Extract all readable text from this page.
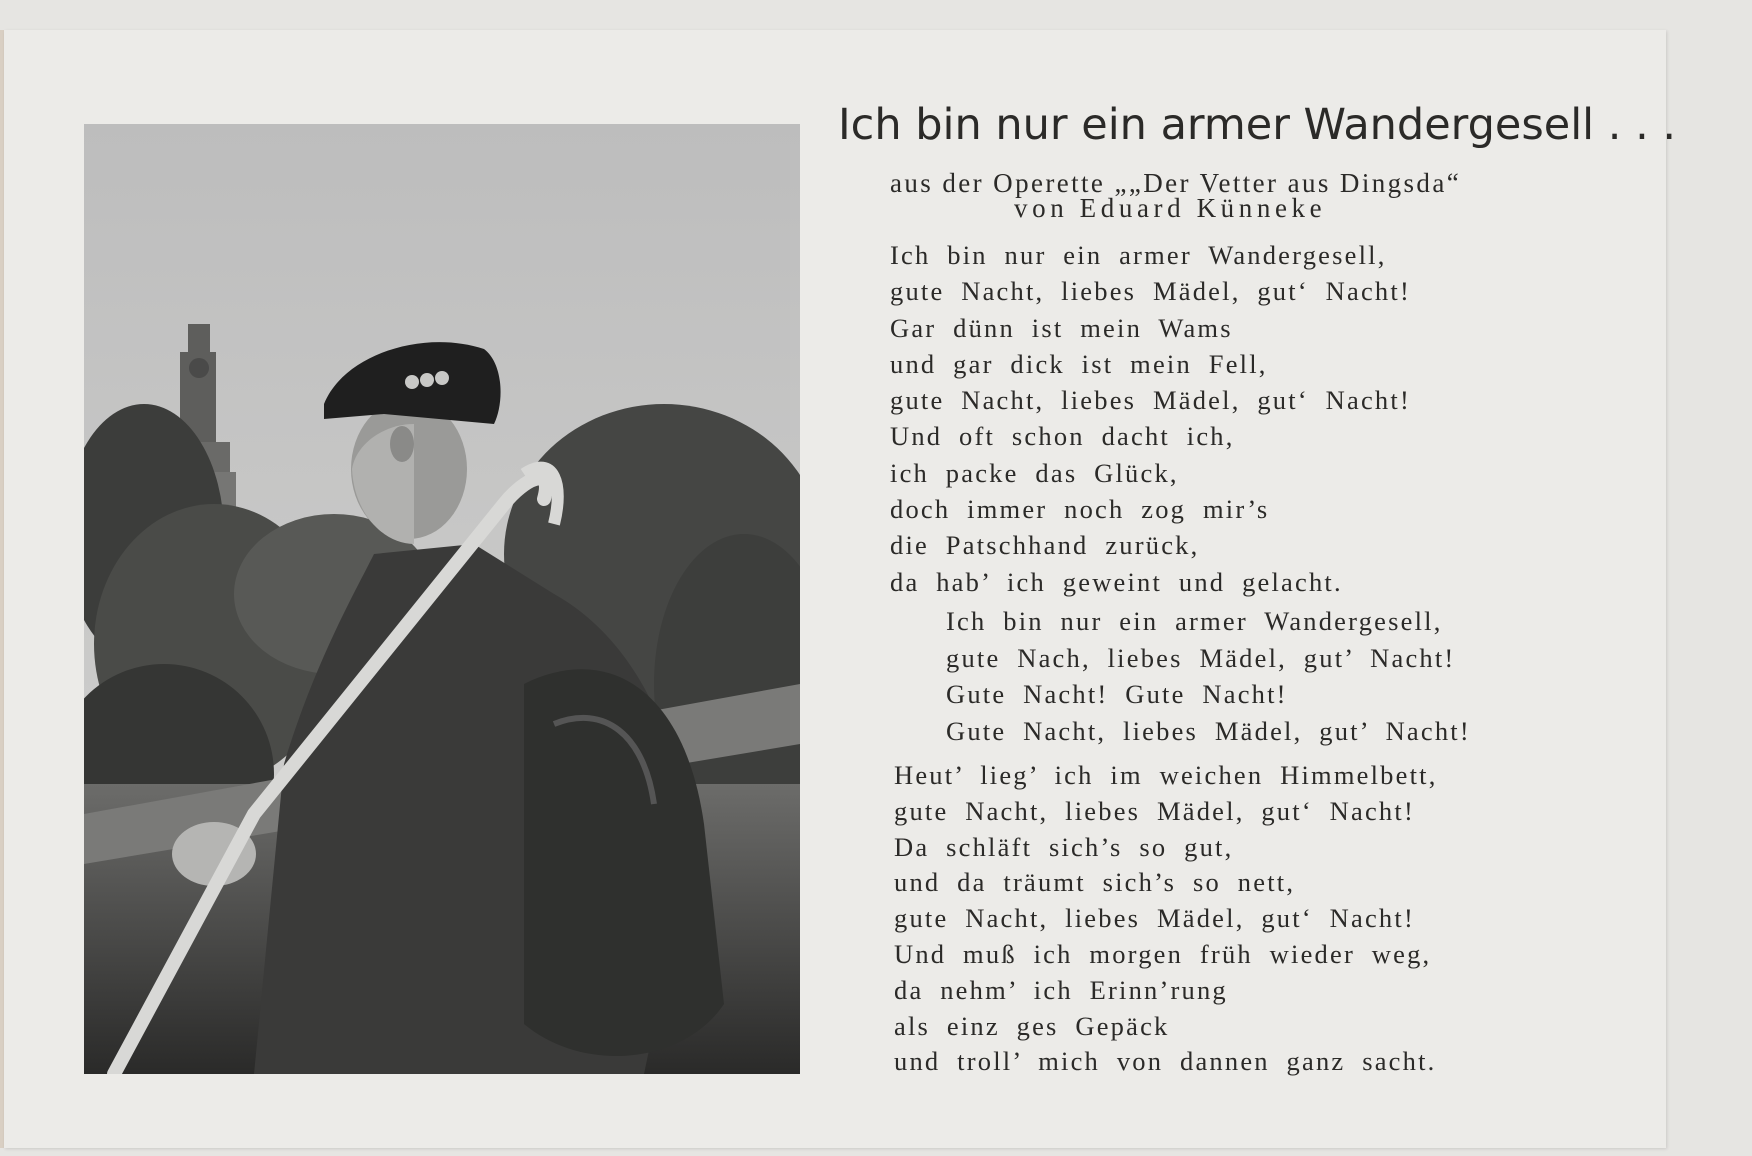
Ich bin nur ein armer Wandergesell . . .
aus der Operette „„Der Vetter aus Dingsda“
von Eduard Künneke
Ich bin nur ein armer Wandergesell,
gute Nacht, liebes Mädel, gut‘ Nacht!
Gar dünn ist mein Wams
und gar dick ist mein Fell,
gute Nacht, liebes Mädel, gut‘ Nacht!
Und oft schon dacht ich,
ich packe das Glück,
doch immer noch zog mir’s
die Patschhand zurück,
da hab’ ich geweint und gelacht.
Ich bin nur ein armer Wandergesell,
gute Nach, liebes Mädel, gut’ Nacht!
Gute Nacht! Gute Nacht!
Gute Nacht, liebes Mädel, gut’ Nacht!
Heut’ lieg’ ich im weichen Himmelbett,
gute Nacht, liebes Mädel, gut‘ Nacht!
Da schläft sich’s so gut,
und da träumt sich’s so nett,
gute Nacht, liebes Mädel, gut‘ Nacht!
Und muß ich morgen früh wieder weg,
da nehm’ ich Erinn’rung
als einz ges Gepäck
und troll’ mich von dannen ganz sacht.
